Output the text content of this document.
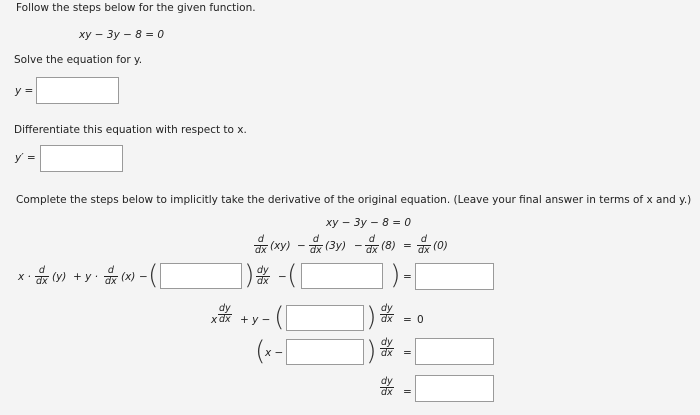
Follow the steps below for the given function.
xy − 3y − 8 = 0
Solve the equation for y.
y =
Differentiate this equation with respect to x.
y′ =
Complete the steps below to implicitly take the derivative of the original equation. (Leave your final answer in terms of x and y.)
xy − 3y − 8 = 0
$\frac{d}{dx} (xy) - \frac{d}{dx} (3y) - \frac{d}{dx} (8) = \frac{d}{dx} (0)$
$x \cdot \frac{d}{dx} (y) + y \cdot \frac{d}{dx} (x)$ − (	) $\frac{dy}{dx}$ − (	) =
x $\frac{dy}{dx} + y$ − (	) $\frac{dy}{dx} = 0$
( x −	) $\frac{dy}{dx}$ =
$\frac{dy}{dx}$ =
